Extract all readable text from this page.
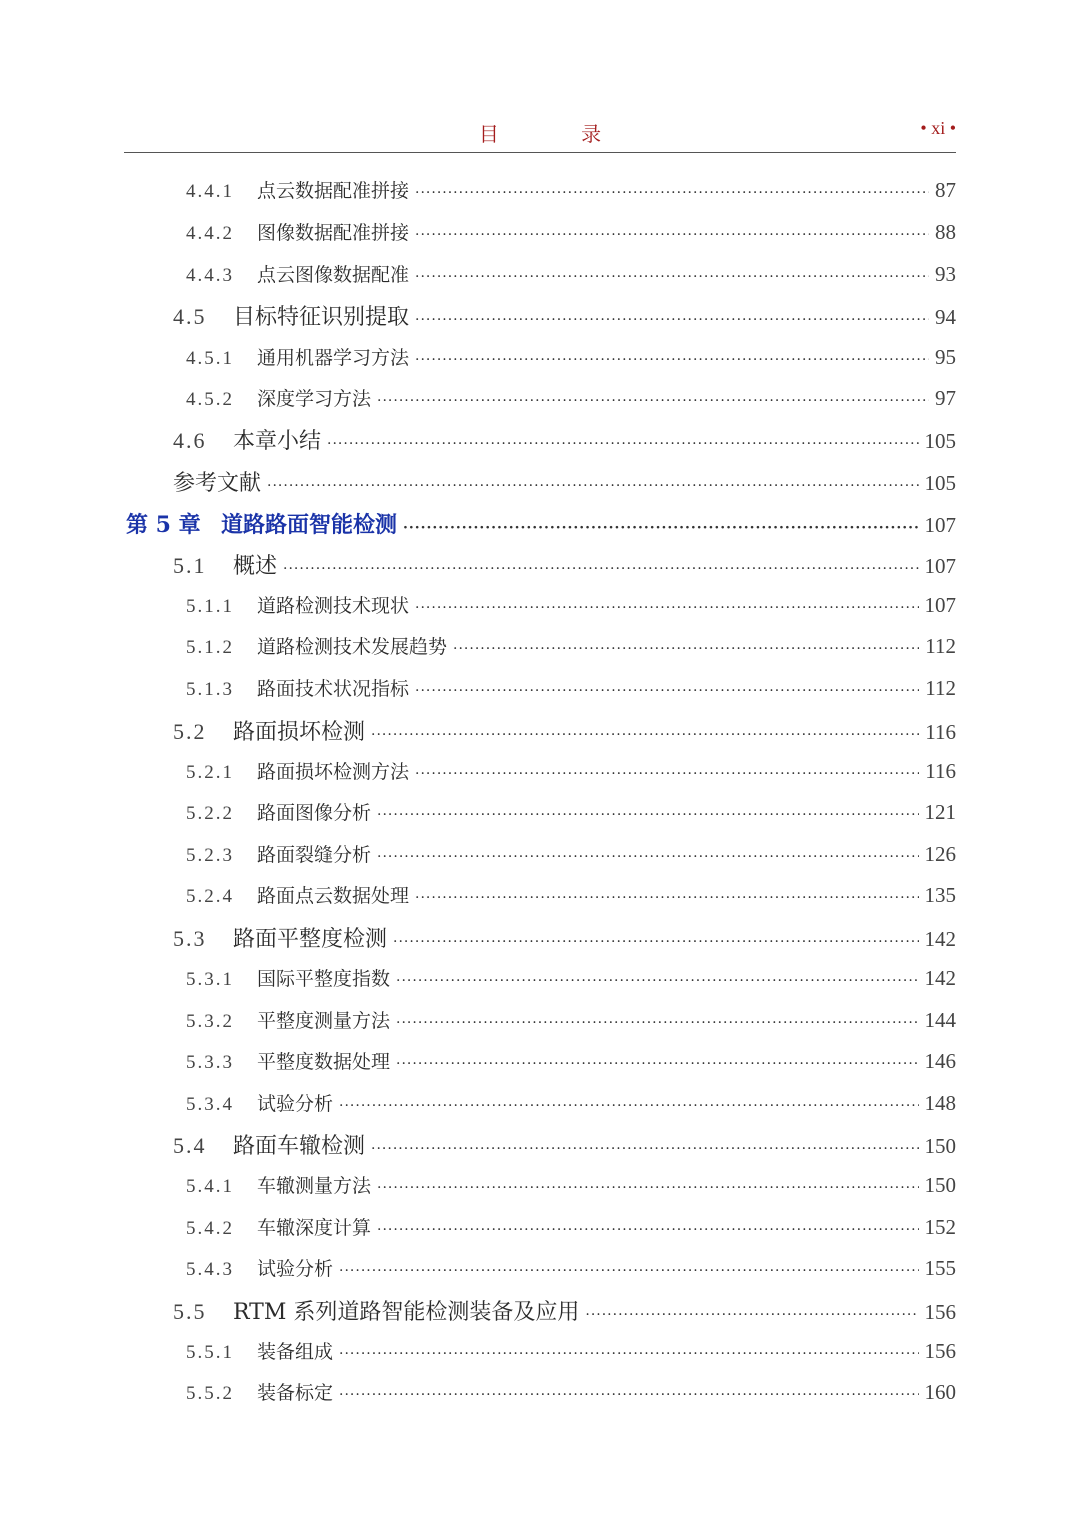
目 录	• xi •
4.4.1	点云数据配准拼接 ·····	87
4.4.2	图像数据配准拼接 ·····	88
4.4.3	点云图像数据配准 ·····	93
4.5	目标特征识别提取 ·····	94
4.5.1	通用机器学习方法 ·····	95
4.5.2	深度学习方法 ·····	97
4.6	本章小结 ·····	105
参考文献 ·····	105
第 5 章 道路路面智能检测 ·····	107
5.1	概述 ·····	107
5.1.1	道路检测技术现状 ·····	107
5.1.2	道路检测技术发展趋势 ·····	112
5.1.3	路面技术状况指标 ·····	112
5.2	路面损坏检测 ·····	116
5.2.1	路面损坏检测方法 ·····	116
5.2.2	路面图像分析 ·····	121
5.2.3	路面裂缝分析 ·····	126
5.2.4	路面点云数据处理 ·····	135
5.3	路面平整度检测 ·····	142
5.3.1	国际平整度指数 ·····	142
5.3.2	平整度测量方法 ·····	144
5.3.3	平整度数据处理 ·····	146
5.3.4	试验分析 ·····	148
5.4	路面车辙检测 ·····	150
5.4.1	车辙测量方法 ·····	150
5.4.2	车辙深度计算 ·····	152
5.4.3	试验分析 ·····	155
5.5	RTM 系列道路智能检测装备及应用 ·····	156
5.5.1	装备组成 ·····	156
5.5.2	装备标定 ·····	160
